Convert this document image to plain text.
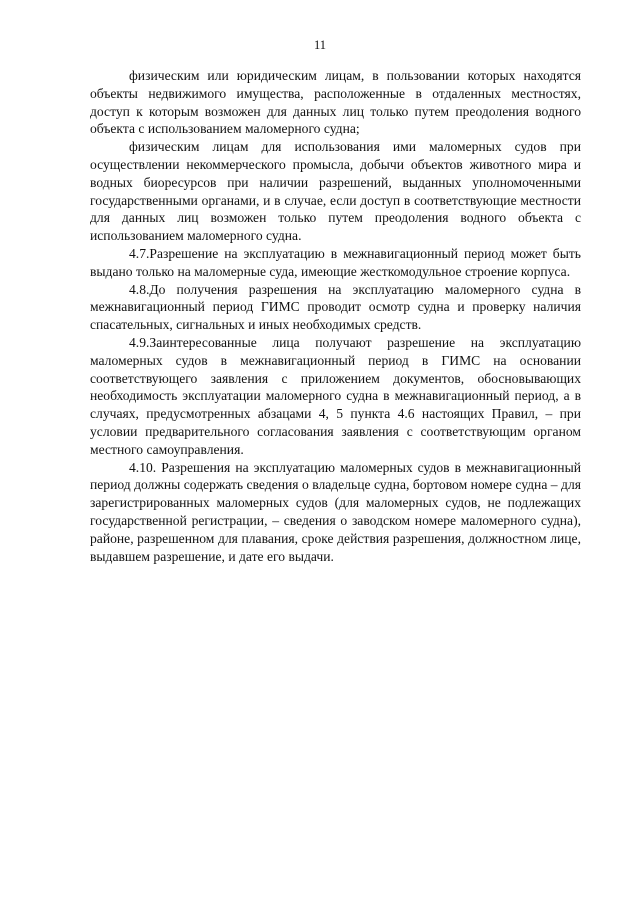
11

физическим или юридическим лицам, в пользовании которых находятся объекты недвижимого имущества, расположенные в отдаленных местностях, доступ к которым возможен для данных лиц только путем преодоления водного объекта с использованием маломерного судна;

физическим лицам для использования ими маломерных судов при осуществлении некоммерческого промысла, добычи объектов животного мира и водных биоресурсов при наличии разрешений, выданных уполномоченными государственными органами, и в случае, если доступ в соответствующие местности для данных лиц возможен только путем преодоления водного объекта с использованием маломерного судна.

4.7.Разрешение на эксплуатацию в межнавигационный период может быть выдано только на маломерные суда, имеющие жесткомодульное строение корпуса.

4.8.До получения разрешения на эксплуатацию маломерного судна в межнавигационный период ГИМС проводит осмотр судна и проверку наличия спасательных, сигнальных и иных необходимых средств.

4.9.Заинтересованные лица получают разрешение на эксплуатацию маломерных судов в межнавигационный период в ГИМС на основании соответствующего заявления с приложением документов, обосновывающих необходимость эксплуатации маломерного судна в межнавигационный период, а в случаях, предусмотренных абзацами 4, 5 пункта 4.6 настоящих Правил, – при условии предварительного согласования заявления с соответствующим органом местного самоуправления.

4.10. Разрешения на эксплуатацию маломерных судов в межнавигационный период должны содержать сведения о владельце судна, бортовом номере судна – для зарегистрированных маломерных судов (для маломерных судов, не подлежащих государственной регистрации, – сведения о заводском номере маломерного судна), районе, разрешенном для плавания, сроке действия разрешения, должностном лице, выдавшем разрешение, и дате его выдачи.
